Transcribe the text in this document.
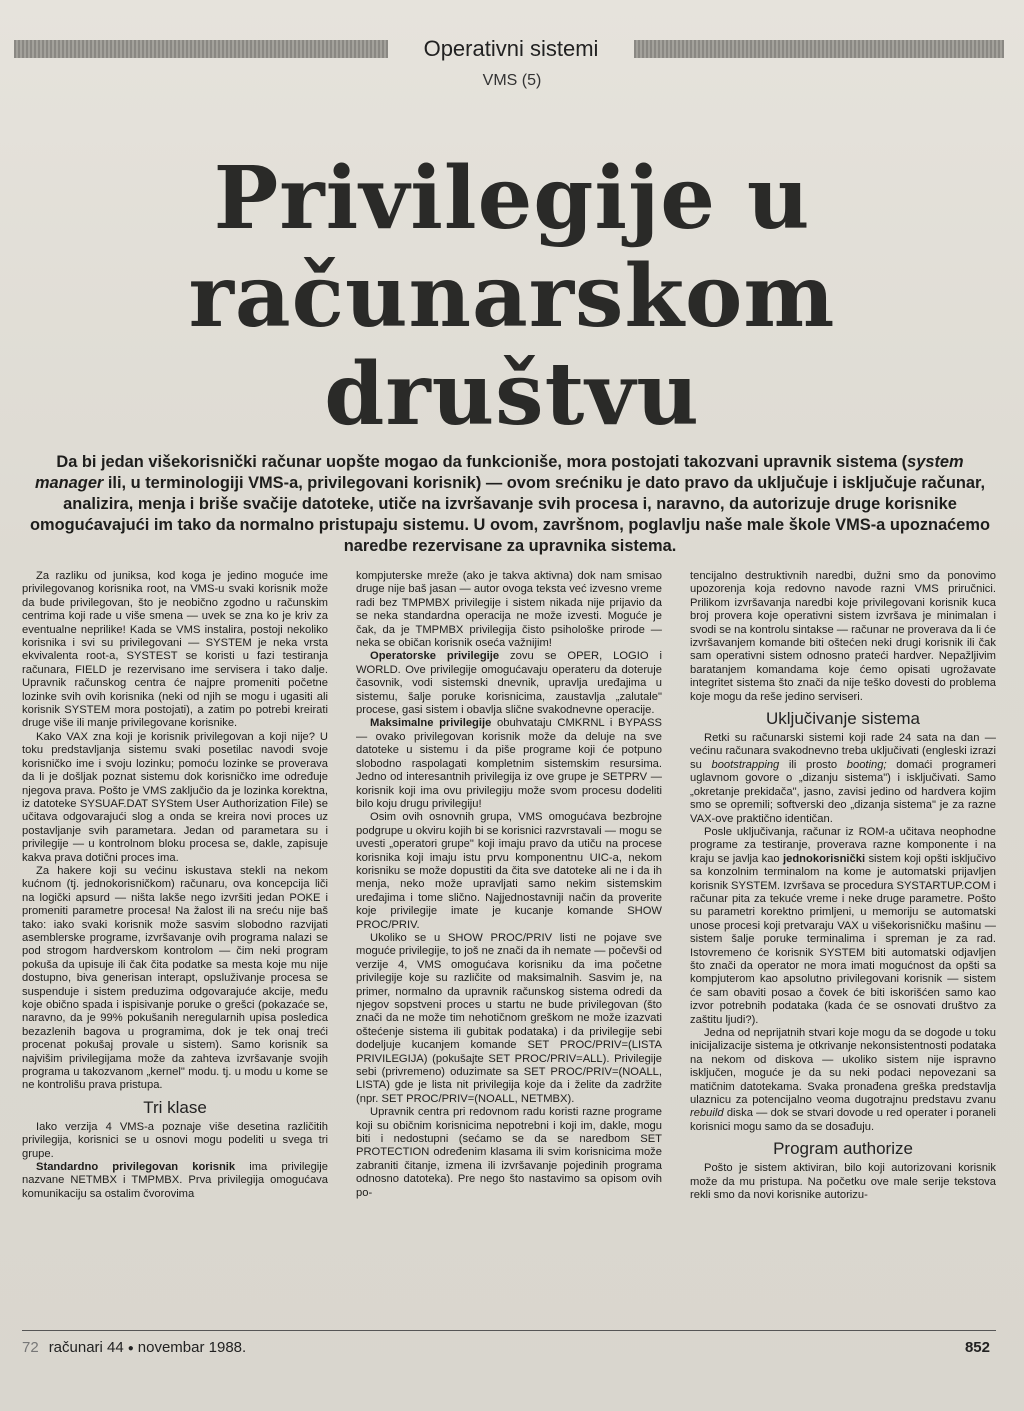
Operativni sistemi
VMS (5)
Privilegije u
računarskom
društvu
Da bi jedan višekorisnički računar uopšte mogao da funkcioniše, mora postojati takozvani upravnik sistema (system manager ili, u terminologiji VMS-a, privilegovani korisnik) — ovom srećniku je dato pravo da uključuje i isključuje računar, analizira, menja i briše svačije datoteke, utiče na izvršavanje svih procesa i, naravno, da autorizuje druge korisnike omogućavajući im tako da normalno pristupaju sistemu. U ovom, završnom, poglavlju naše male škole VMS-a upoznaćemo naredbe rezervisane za upravnika sistema.

Za razliku od juniksa, kod koga je jedino moguće ime privilegovanog korisnika root, na VMS-u svaki korisnik može da bude privilegovan, što je neobično zgodno u računskim centrima koji rade u više smena — uvek se zna ko je kriv za eventualne neprilike! Kada se VMS instalira, postoji nekoliko korisnika i svi su privilegovani — SYSTEM je neka vrsta ekvivalenta root-a, SYSTEST se koristi u fazi testiranja računara, FIELD je rezervisano ime servisera i tako dalje. Upravnik računskog centra će najpre promeniti početne lozinke svih ovih korisnika (neki od njih se mogu i ugasiti ali korisnik SYSTEM mora postojati), a zatim po potrebi kreirati druge više ili manje privilegovane korisnike.

Kako VAX zna koji je korisnik privilegovan a koji nije? U toku predstavljanja sistemu svaki posetilac navodi svoje korisničko ime i svoju lozinku; pomoću lozinke se proverava da li je došljak poznat sistemu dok korisničko ime određuje njegova prava. Pošto je VMS zaključio da je lozinka korektna, iz datoteke SYSUAF.DAT SYStem User Authorization File) se učitava odgovarajući slog a onda se kreira novi proces uz postavljanje svih parametara. Jedan od parametara su i privilegije — u kontrolnom bloku procesa se, dakle, zapisuje kakva prava dotični proces ima.

Za hakere koji su većinu iskustava stekli na nekom kućnom (tj. jednokorisničkom) računaru, ova koncepcija liči na logički apsurd — ništa lakše nego izvršiti jedan POKE i promeniti parametre procesa! Na žalost ili na sreću nije baš tako: iako svaki korisnik može sasvim slobodno razvijati asemblerske programe, izvršavanje ovih programa nalazi se pod strogom hardverskom kontrolom — čim neki program pokuša da upisuje ili čak čita podatke sa mesta koje mu nije dostupno, biva generisan interapt, opsluživanje procesa se suspenduje i sistem preduzima odgovarajuće akcije, među koje obično spada i ispisivanje poruke o grešci (pokazaće se, naravno, da je 99% pokušanih neregularnih upisa posledica bezazlenih bagova u programima, dok je tek onaj treći procenat pokušaj provale u sistem). Samo korisnik sa najvišim privilegijama može da zahteva izvršavanje svojih programa u takozvanom „kernel" modu. tj. u modu u kome se ne kontrolišu prava pristupa.

Tri klase

Iako verzija 4 VMS-a poznaje više desetina različitih privilegija, korisnici se u osnovi mogu podeliti u svega tri grupe.

Standardno privilegovan korisnik ima privilegije nazvane NETMBX i TMPMBX. Prva privilegija omogućava komunikaciju sa ostalim čvorovima

kompjuterske mreže (ako je takva aktivna) dok nam smisao druge nije baš jasan — autor ovoga teksta već izvesno vreme radi bez TMPMBX privilegije i sistem nikada nije prijavio da se neka standardna operacija ne može izvesti. Moguće je čak, da je TMPMBX privilegija čisto psihološke prirode — neka se običan korisnik oseća važnijim!

Operatorske privilegije zovu se OPER, LOGIO i WORLD. Ove privilegije omogućavaju operateru da doteruje časovnik, vodi sistemski dnevnik, upravlja uređajima u sistemu, šalje poruke korisnicima, zaustavlja „zalutale" procese, gasi sistem i obavlja slične svakodnevne operacije.

Maksimalne privilegije obuhvataju CMKRNL i BYPASS — ovako privilegovan korisnik može da deluje na sve datoteke u sistemu i da piše programe koji će potpuno slobodno raspolagati kompletnim sistemskim resursima. Jedno od interesantnih privilegija iz ove grupe je SETPRV — korisnik koji ima ovu privilegiju može svom procesu dodeliti bilo koju drugu privilegiju!

Osim ovih osnovnih grupa, VMS omogućava bezbrojne podgrupe u okviru kojih bi se korisnici razvrstavali — mogu se uvesti „operatori grupe" koji imaju pravo da utiču na procese korisnika koji imaju istu prvu komponentnu UIC-a, nekom korisniku se može dopustiti da čita sve datoteke ali ne i da ih menja, neko može upravljati samo nekim sistemskim uređajima i tome slično. Najjednostavniji način da proverite koje privilegije imate je kucanje komande SHOW PROC/PRIV.

Ukoliko se u SHOW PROC/PRIV listi ne pojave sve moguće privilegije, to još ne znači da ih nemate — počevši od verzije 4, VMS omogućava korisniku da ima početne privilegije koje su različite od maksimalnih. Sasvim je, na primer, normalno da upravnik računskog sistema odredi da njegov sopstveni proces u startu ne bude privilegovan (što znači da ne može tim nehotičnom greškom ne može izazvati oštećenje sistema ili gubitak podataka) i da privilegije sebi dodeljuje kucanjem komande SET PROC/PRIV=(LISTA PRIVILEGIJA) (pokušajte SET PROC/PRIV=ALL). Privilegije sebi (privremeno) oduzimate sa SET PROC/PRIV=(NOALL, LISTA) gde je lista nit privilegija koje da i želite da zadržite (npr. SET PROC/PRIV=(NOALL, NETMBX).

Upravnik centra pri redovnom radu koristi razne programe koji su običnim korisnicima nepotrebni i koji im, dakle, mogu biti i nedostupni (sećamo se da se naredbom SET PROTECTION određenim klasama ili svim korisnicima može zabraniti čitanje, izmena ili izvršavanje pojedinih programa odnosno datoteka). Pre nego što nastavimo sa opisom ovih po-

tencijalno destruktivnih naredbi, dužni smo da ponovimo upozorenja koja redovno navode razni VMS priručnici. Prilikom izvršavanja naredbi koje privilegovani korisnik kuca broj provera koje operativni sistem izvršava je minimalan i svodi se na kontrolu sintakse — računar ne proverava da li će izvršavanjem komande biti oštećen neki drugi korisnik ili čak sam operativni sistem odnosno prateći hardver. Nepažljivim baratanjem komandama koje ćemo opisati ugrožavate integritet sistema što znači da nije teško dovesti do problema koje mogu da reše jedino serviseri.

Uključivanje sistema

Retki su računarski sistemi koji rade 24 sata na dan — većinu računara svakodnevno treba uključivati (engleski izrazi su bootstrapping ili prosto booting; domaći programeri uglavnom govore o „dizanju sistema") i isključivati. Samo „okretanje prekidača", jasno, zavisi jedino od hardvera kojim smo se opremili; softverski deo „dizanja sistema" je za razne VAX-ove praktično identičan.

Posle uključivanja, računar iz ROM-a učitava neophodne programe za testiranje, proverava razne komponente i na kraju se javlja kao jednokorisnički sistem koji opšti isključivo sa konzolnim terminalom na kome je automatski prijavljen korisnik SYSTEM. Izvršava se procedura SYSTARTUP.COM i računar pita za tekuće vreme i neke druge parametre. Pošto su parametri korektno primljeni, u memoriju se automatski unose procesi koji pretvaraju VAX u višekorisničku mašinu — sistem šalje poruke terminalima i spreman je za rad. Istovremeno će korisnik SYSTEM biti automatski odjavljen što znači da operator ne mora imati mogućnost da opšti sa kompjuterom kao apsolutno privilegovani korisnik — sistem će sam obaviti posao a čovek će biti iskorišćen samo kao izvor potrebnih podataka (kada će se osnovati društvo za zaštitu ljudi?).

Jedna od neprijatnih stvari koje mogu da se dogode u toku inicijalizacije sistema je otkrivanje nekonsistentnosti podataka na nekom od diskova — ukoliko sistem nije ispravno isključen, moguće je da su neki podaci nepovezani sa matičnim datotekama. Svaka pronađena greška predstavlja ulaznicu za potencijalno veoma dugotrajnu predstavu zvanu rebuild diska — dok se stvari dovode u red operater i poraneli korisnici mogu samo da se dosađuju.

Program authorize

Pošto je sistem aktiviran, bilo koji autorizovani korisnik može da mu pristupa. Na početku ove male serije tekstova rekli smo da novi korisnike autorizu-

72 računari 44 ● novembar 1988.	852
